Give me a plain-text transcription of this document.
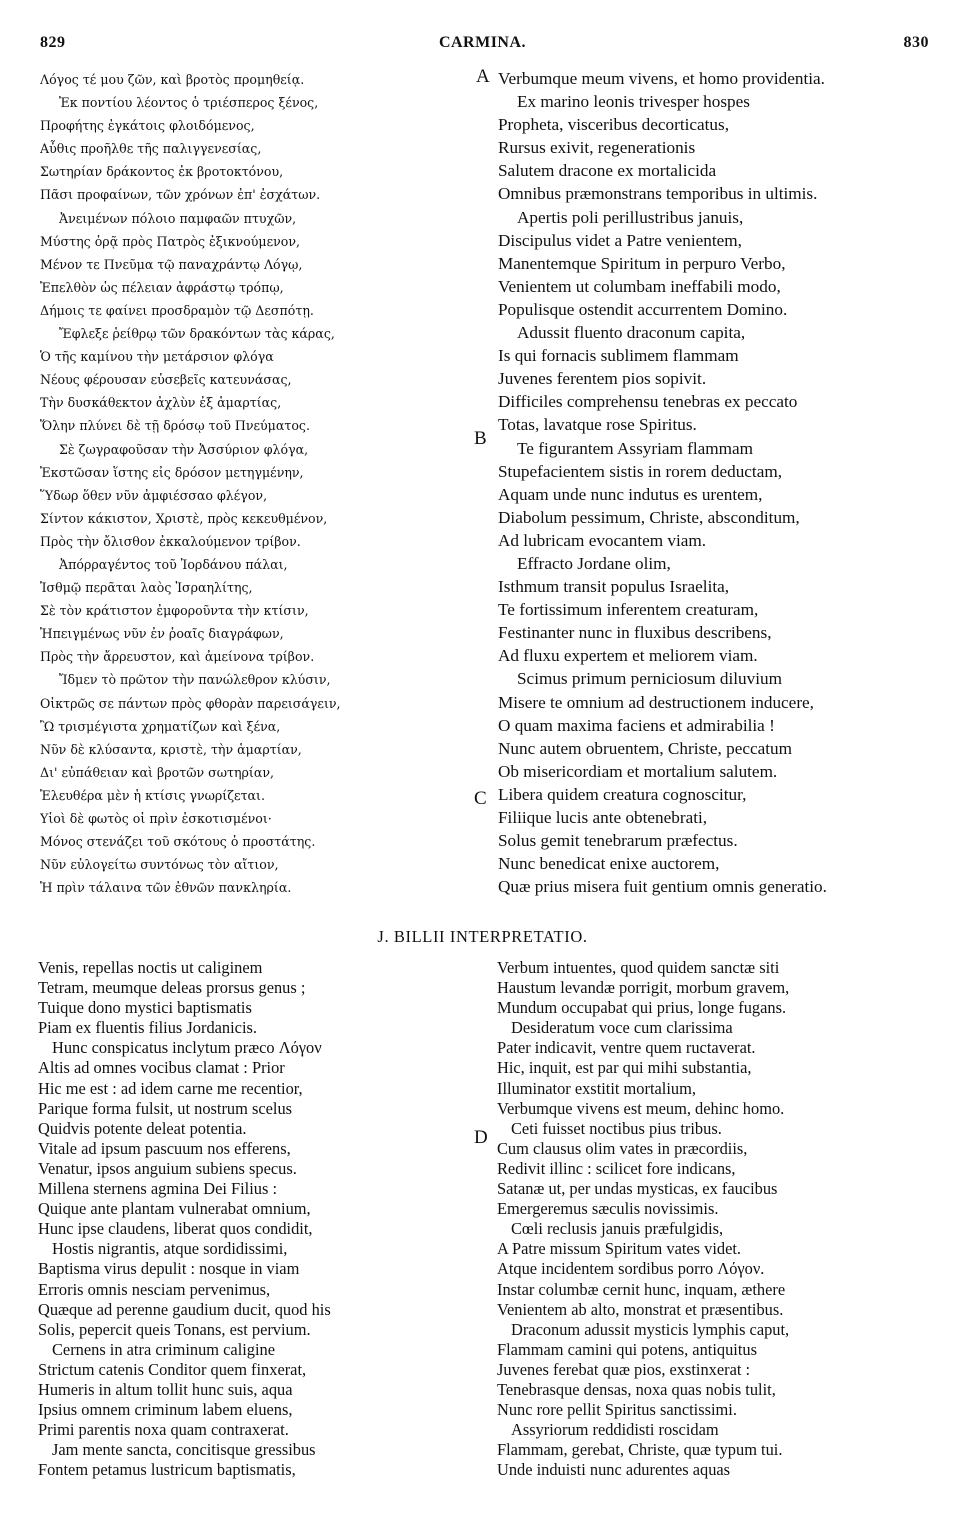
829	CARMINA.	830
A
B
C
D
Λόγος τέ μου ζῶν, καὶ βροτὸς προμηθείᾳ.
Ἐκ ποντίου λέοντος ὁ τριέσπερος ξένος,
Προφήτης ἐγκάτοις φλοιδόμενος,
Αὖθις προῆλθε τῆς παλιγγενεσίας,
Σωτηρίαν δράκοντος ἐκ βροτοκτόνου,
Πᾶσι προφαίνων, τῶν χρόνων ἐπ' ἐσχάτων.
Ἀνειμένων πόλοιο παμφαῶν πτυχῶν,
Μύστης ὁρᾷ πρὸς Πατρὸς ἐξικνούμενον,
Μένον τε Πνεῦμα τῷ παναχράντῳ Λόγῳ,
Ἐπελθὸν ὡς πέλειαν ἀφράστῳ τρόπῳ,
Δήμοις τε φαίνει προσδραμὸν τῷ Δεσπότῃ.
Ἔφλεξε ῥείθρῳ τῶν δρακόντων τὰς κάρας,
Ὁ τῆς καμίνου τὴν μετάρσιον φλόγα
Νέους φέρουσαν εὐσεβεῖς κατευνάσας,
Τὴν δυσκάθεκτον ἀχλὺν ἐξ ἁμαρτίας,
Ὅλην πλύνει δὲ τῇ δρόσῳ τοῦ Πνεύματος.
Σὲ ζωγραφοῦσαν τὴν Ἀσσύριον φλόγα,
Ἐκστῶσαν ἵστης εἰς δρόσον μετηγμένην,
Ὕδωρ ὅθεν νῦν ἀμφιέσσαο φλέγον,
Σίντον κάκιστον, Χριστὲ, πρὸς κεκευθμένον,
Πρὸς τὴν ὄλισθον ἐκκαλούμενον τρίβον.
Ἀπόρραγέντος τοῦ Ἰορδάνου πάλαι,
Ἰσθμῷ περᾶται λαὸς Ἰσραηλίτης,
Σὲ τὸν κράτιστον ἐμφοροῦντα τὴν κτίσιν,
Ἠπειγμένως νῦν ἐν ῥοαῖς διαγράφων,
Πρὸς τὴν ἄρρευστον, καὶ ἀμείνονα τρίβον.
Ἴδμεν τὸ πρῶτον τὴν πανώλεθρον κλύσιν,
Οἰκτρῶς σε πάντων πρὸς φθορὰν παρεισάγειν,
Ὢ τρισμέγιστα χρηματίζων καὶ ξένα,
Νῦν δὲ κλύσαντα, κριστὲ, τὴν ἁμαρτίαν,
Δι' εὐπάθειαν καὶ βροτῶν σωτηρίαν,
Ἐλευθέρα μὲν ἡ κτίσις γνωρίζεται.
Υἱοὶ δὲ φωτὸς οἱ πρὶν ἐσκοτισμένοι·
Μόνος στενάζει τοῦ σκότους ὁ προστάτης.
Νῦν εὐλογείτω συντόνως τὸν αἴτιον,
Ἡ πρὶν τάλαινα τῶν ἐθνῶν πανκληρία.
Verbumque meum vivens, et homo providentia.
Ex marino leonis trivesper hospes
Propheta, visceribus decorticatus,
Rursus exivit, regenerationis
Salutem dracone ex mortalicida
Omnibus præmonstrans temporibus in ultimis.
Apertis poli perillustribus januis,
Discipulus videt a Patre venientem,
Manentemque Spiritum in perpuro Verbo,
Venientem ut columbam ineffabili modo,
Populisque ostendit accurrentem Domino.
Adussit fluento draconum capita,
Is qui fornacis sublimem flammam
Juvenes ferentem pios sopivit.
Difficiles comprehensu tenebras ex peccato
Totas, lavatque rose Spiritus.
Te figurantem Assyriam flammam
Stupefacientem sistis in rorem deductam,
Aquam unde nunc indutus es urentem,
Diabolum pessimum, Christe, absconditum,
Ad lubricam evocantem viam.
Effracto Jordane olim,
Isthmum transit populus Israelita,
Te fortissimum inferentem creaturam,
Festinanter nunc in fluxibus describens,
Ad fluxu expertem et meliorem viam.
Scimus primum perniciosum diluvium
Misere te omnium ad destructionem inducere,
O quam maxima faciens et admirabilia !
Nunc autem obruentem, Christe, peccatum
Ob misericordiam et mortalium salutem.
Libera quidem creatura cognoscitur,
Filiique lucis ante obtenebrati,
Solus gemit tenebrarum præfectus.
Nunc benedicat enixe auctorem,
Quæ prius misera fuit gentium omnis generatio.
J. BILLII INTERPRETATIO.
Venis, repellas noctis ut caliginem
Tetram, meumque deleas prorsus genus ;
Tuique dono mystici baptismatis
Piam ex fluentis filius Jordanicis.
Hunc conspicatus inclytum præco Λόγον
Altis ad omnes vocibus clamat : Prior
Hic me est : ad idem carne me recentior,
Parique forma fulsit, ut nostrum scelus
Quidvis potente deleat potentia.
Vitale ad ipsum pascuum nos efferens,
Venatur, ipsos anguium subiens specus.
Millena sternens agmina Dei Filius :
Quique ante plantam vulnerabat omnium,
Hunc ipse claudens, liberat quos condidit,
Hostis nigrantis, atque sordidissimi,
Baptisma virus depulit : nosque in viam
Erroris omnis nesciam pervenimus,
Quæque ad perenne gaudium ducit, quod his
Solis, pepercit queis Tonans, est pervium.
Cernens in atra criminum caligine
Strictum catenis Conditor quem finxerat,
Humeris in altum tollit hunc suis, aqua
Ipsius omnem criminum labem eluens,
Primi parentis noxa quam contraxerat.
Jam mente sancta, concitisque gressibus
Fontem petamus lustricum baptismatis,
Verbum intuentes, quod quidem sanctæ siti
Haustum levandæ porrigit, morbum gravem,
Mundum occupabat qui prius, longe fugans.
Desideratum voce cum clarissima
Pater indicavit, ventre quem ructaverat.
Hic, inquit, est par qui mihi substantia,
Illuminator exstitit mortalium,
Verbumque vivens est meum, dehinc homo.
Ceti fuisset noctibus pius tribus.
Cum clausus olim vates in præcordiis,
Redivit illinc : scilicet fore indicans,
Satanæ ut, per undas mysticas, ex faucibus
Emergeremus sæculis novissimis.
Cœli reclusis januis præfulgidis,
A Patre missum Spiritum vates videt.
Atque incidentem sordibus porro Λόγον.
Instar columbæ cernit hunc, inquam, æthere
Venientem ab alto, monstrat et præsentibus.
Draconum adussit mysticis lymphis caput,
Flammam camini qui potens, antiquitus
Juvenes ferebat quæ pios, exstinxerat :
Tenebrasque densas, noxa quas nobis tulit,
Nunc rore pellit Spiritus sanctissimi.
Assyriorum reddidisti roscidam
Flammam, gerebat, Christe, quæ typum tui.
Unde induisti nunc adurentes aquas
